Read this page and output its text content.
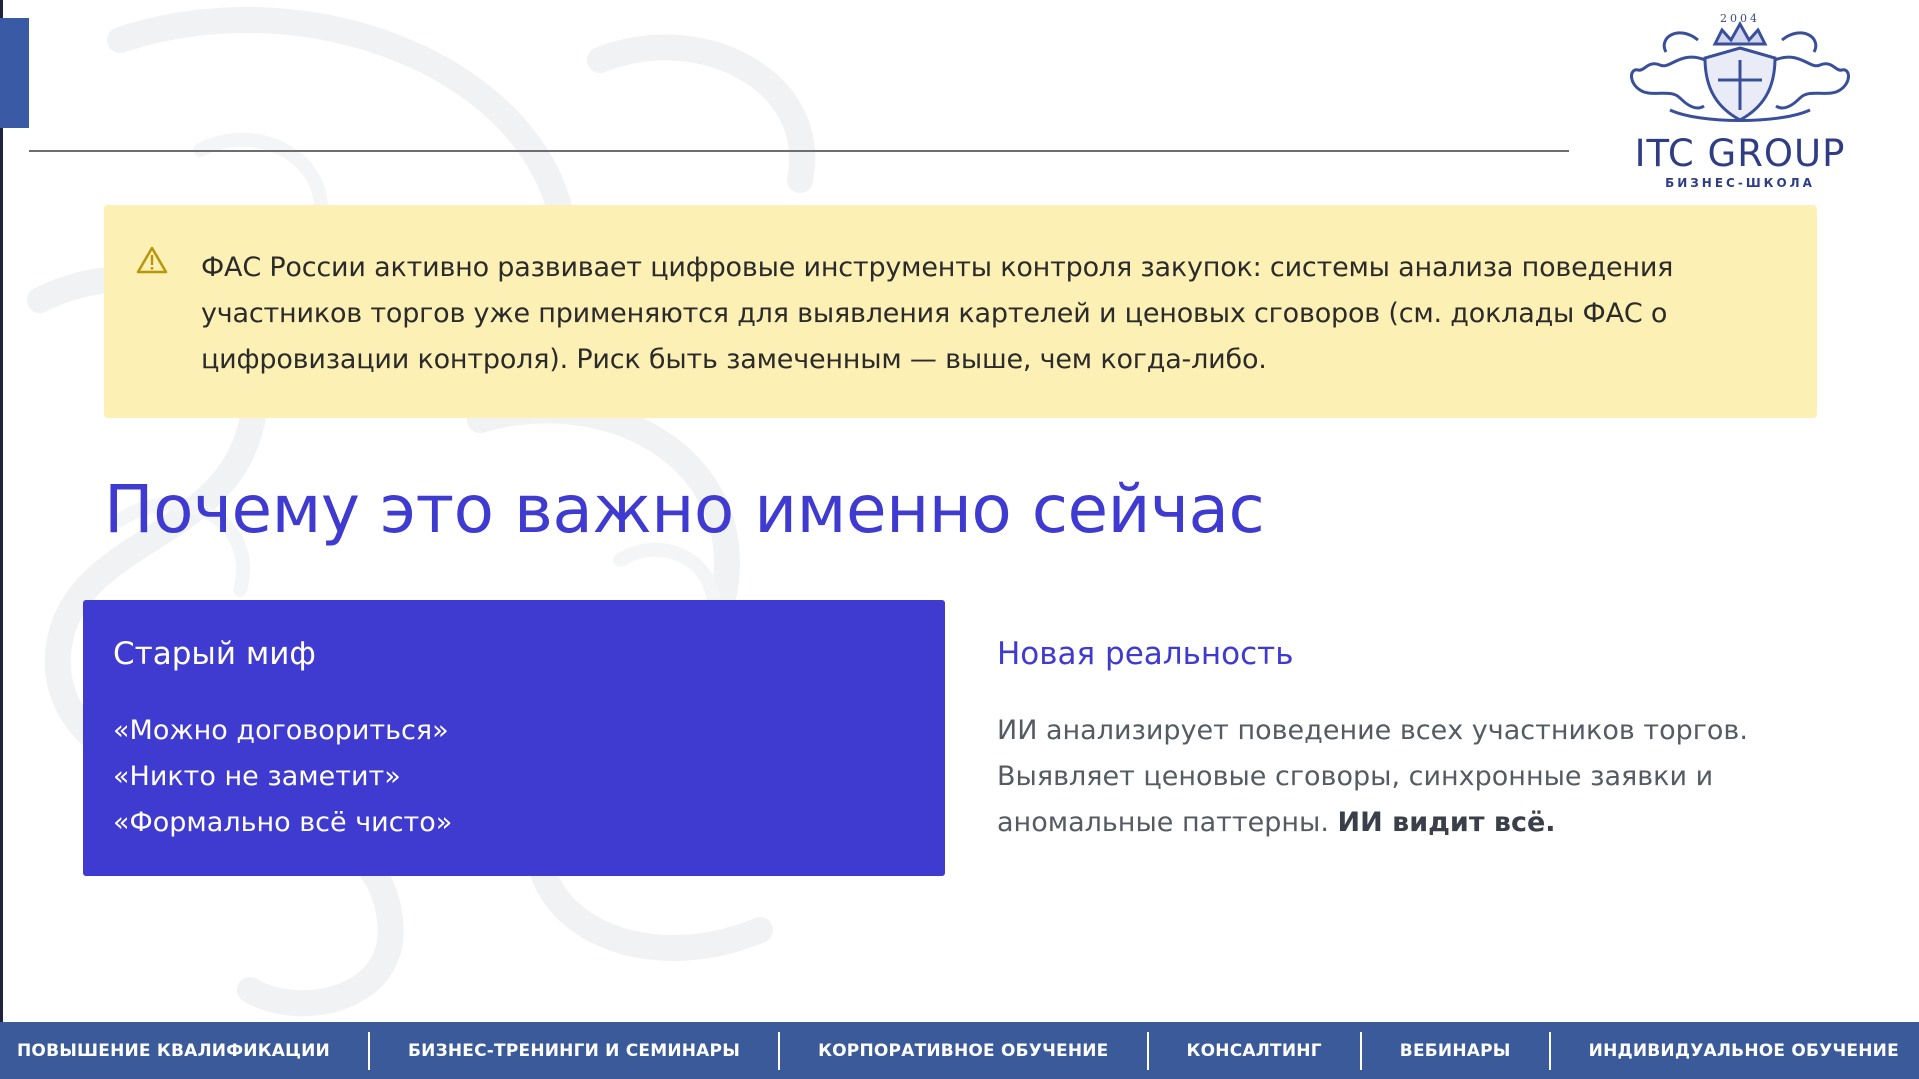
2004
ITC GROUP
БИЗНЕС-ШКОЛА
ФАС России активно развивает цифровые инструменты контроля закупок: системы анализа поведения участников торгов уже применяются для выявления картелей и ценовых сговоров (см. доклады ФАС о цифровизации контроля). Риск быть замеченным — выше, чем когда-либо.
Почему это важно именно сейчас
Старый миф
«Можно договориться»
«Никто не заметит»
«Формально всё чисто»
Новая реальность
ИИ анализирует поведение всех участников торгов. Выявляет ценовые сговоры, синхронные заявки и аномальные паттерны. ИИ видит всё.
ПОВЫШЕНИЕ КВАЛИФИКАЦИИ	БИЗНЕС-ТРЕНИНГИ И СЕМИНАРЫ	КОРПОРАТИВНОЕ ОБУЧЕНИЕ	КОНСАЛТИНГ	ВЕБИНАРЫ	ИНДИВИДУАЛЬНОЕ ОБУЧЕНИЕ
